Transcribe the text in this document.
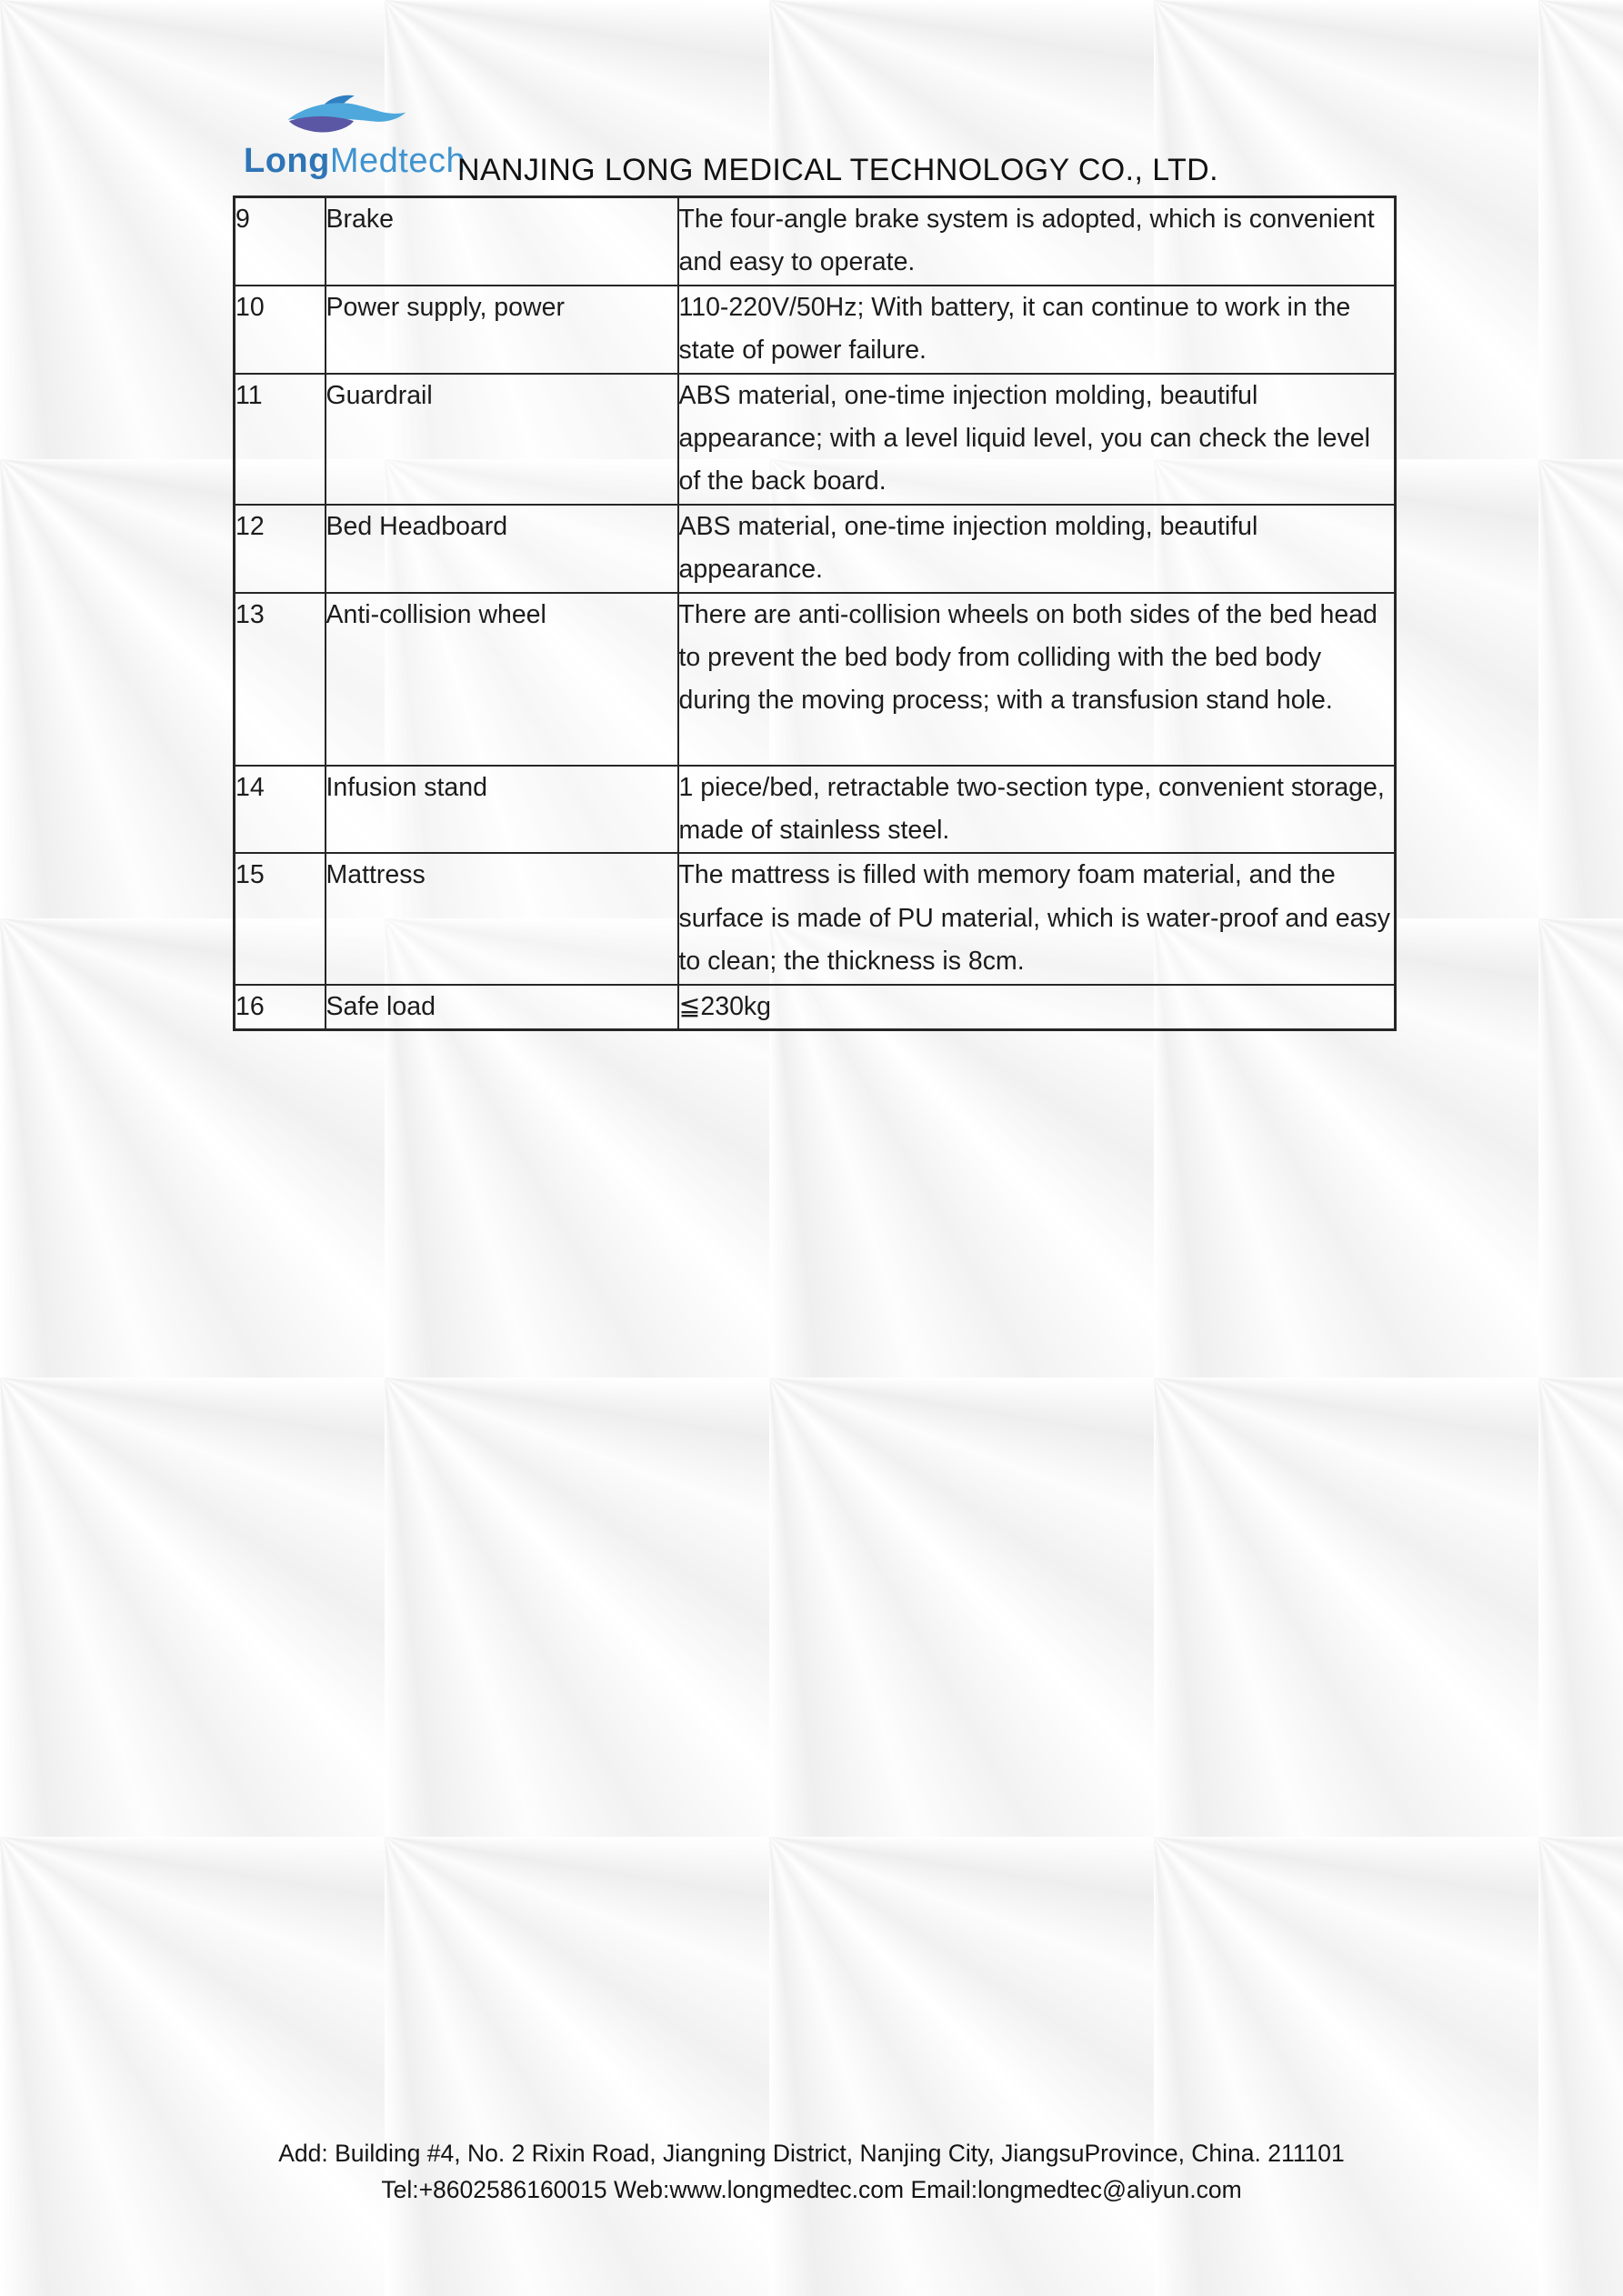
LongMedtech
NANJING LONG MEDICAL TECHNOLOGY CO., LTD.
9	Brake	The four-angle brake system is adopted, which is convenient and easy to operate.
10	Power supply, power	110-220V/50Hz; With battery, it can continue to work in the state of power failure.
11	Guardrail	ABS material, one-time injection molding, beautiful appearance; with a level liquid level, you can check the level of the back board.
12	Bed Headboard	ABS material, one-time injection molding, beautiful appearance.
13	Anti-collision wheel	There are anti-collision wheels on both sides of the bed head to prevent the bed body from colliding with the bed body during the moving process; with a transfusion stand hole.
14	Infusion stand	1 piece/bed, retractable two-section type, convenient storage, made of stainless steel.
15	Mattress	The mattress is filled with memory foam material, and the surface is made of PU material, which is water-proof and easy to clean; the thickness is 8cm.
16	Safe load	≦230kg
Add: Building #4, No. 2 Rixin Road, Jiangning District, Nanjing City, JiangsuProvince, China. 211101
Tel:+8602586160015 Web:www.longmedtec.com Email:longmedtec@aliyun.com
